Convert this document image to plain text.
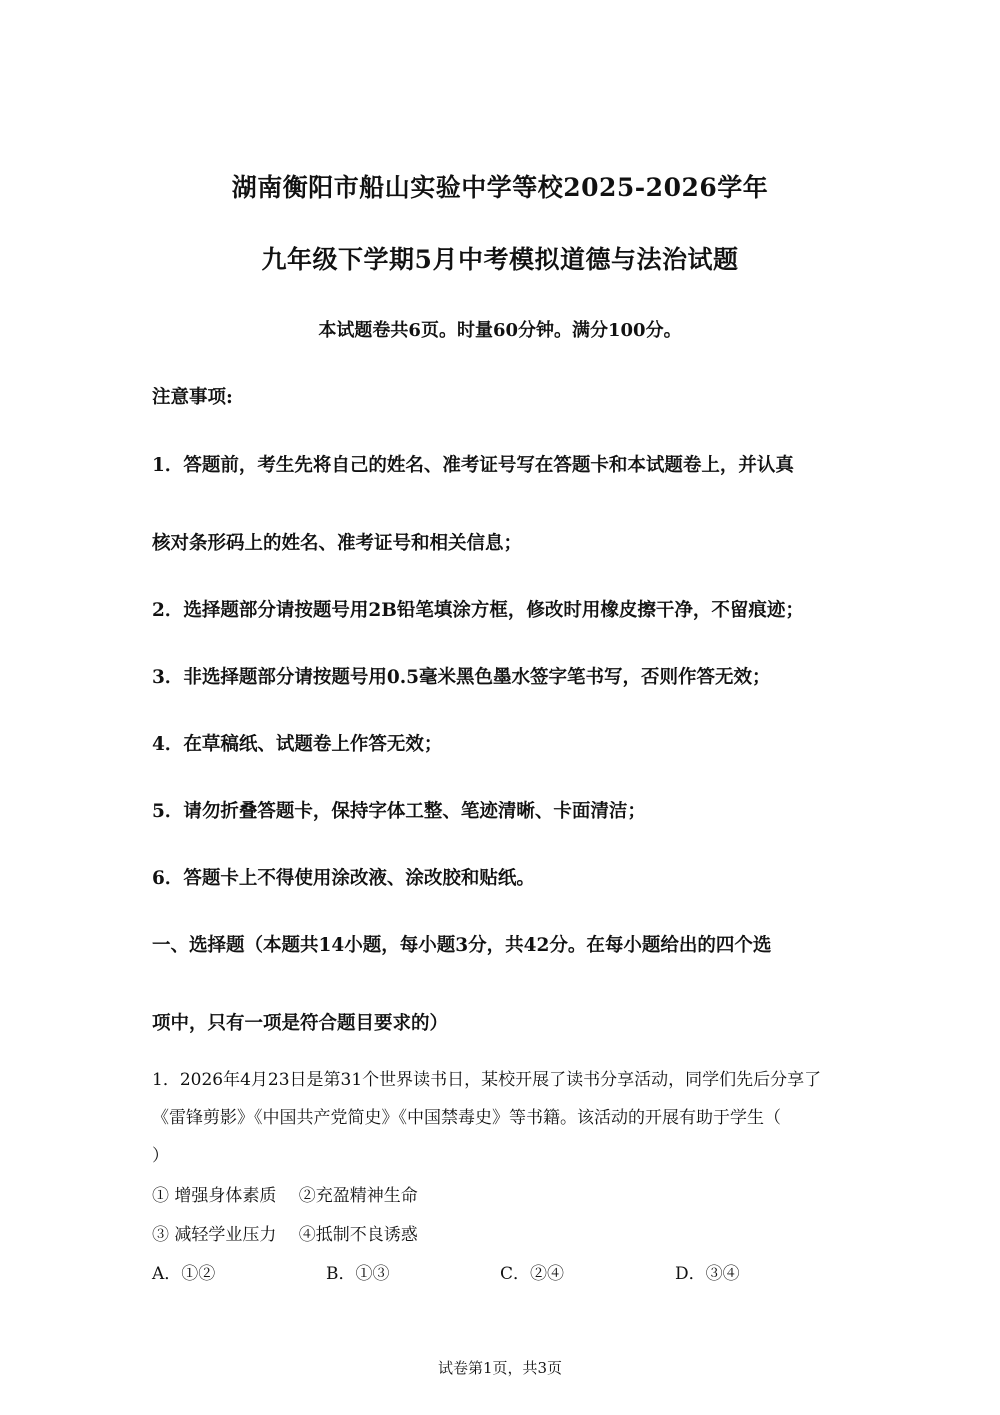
湖南衡阳市船山实验中学等校2025-2026学年
九年级下学期5月中考模拟道德与法治试题
本试题卷共6页。时量60分钟。满分100分。
注意事项:
1．答题前，考生先将自己的姓名、准考证号写在答题卡和本试题卷上，并认真
核对条形码上的姓名、准考证号和相关信息；
2．选择题部分请按题号用2B铅笔填涂方框，修改时用橡皮擦干净，不留痕迹；
3．非选择题部分请按题号用0.5毫米黑色墨水签字笔书写，否则作答无效；
4．在草稿纸、试题卷上作答无效；
5．请勿折叠答题卡，保持字体工整、笔迹清晰、卡面清洁；
6．答题卡上不得使用涂改液、涂改胶和贴纸。
一、选择题（本题共14小题，每小题3分，共42分。在每小题给出的四个选
项中，只有一项是符合题目要求的）
1．2026年4月23日是第31个世界读书日，某校开展了读书分享活动，同学们先后分享了
《雷锋剪影》《中国共产党简史》《中国禁毒史》等书籍。该活动的开展有助于学生（
）
① 增强身体素质　 ②充盈精神生命
③ 减轻学业压力　 ④抵制不良诱惑
A．①②	B．①③	C．②④	D．③④
试卷第1页，共3页
